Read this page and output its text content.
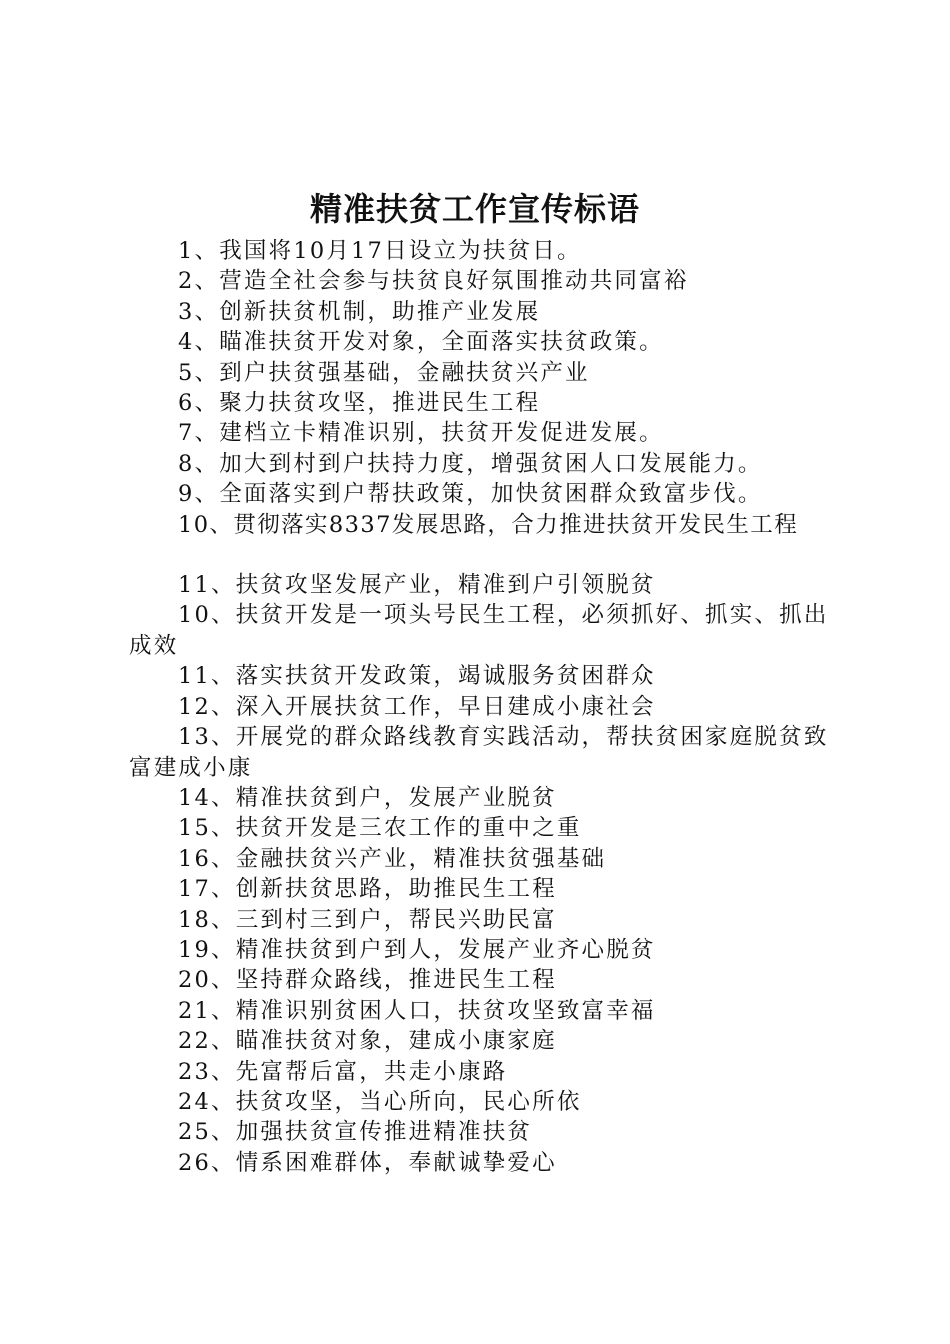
精准扶贫工作宣传标语

1、我国将10月17日设立为扶贫日。

2、营造全社会参与扶贫良好氛围推动共同富裕

3、创新扶贫机制，助推产业发展

4、瞄准扶贫开发对象，全面落实扶贫政策。

5、到户扶贫强基础，金融扶贫兴产业

6、聚力扶贫攻坚，推进民生工程

7、建档立卡精准识别，扶贫开发促进发展。

8、加大到村到户扶持力度，增强贫困人口发展能力。

9、全面落实到户帮扶政策，加快贫困群众致富步伐。

10、贯彻落实8337发展思路，合力推进扶贫开发民生工程

11、扶贫攻坚发展产业，精准到户引领脱贫

10、扶贫开发是一项头号民生工程，必须抓好、抓实、抓出成效

11、落实扶贫开发政策，竭诚服务贫困群众

12、深入开展扶贫工作，早日建成小康社会

13、开展党的群众路线教育实践活动，帮扶贫困家庭脱贫致富建成小康

14、精准扶贫到户，发展产业脱贫

15、扶贫开发是三农工作的重中之重

16、金融扶贫兴产业，精准扶贫强基础

17、创新扶贫思路，助推民生工程

18、三到村三到户，帮民兴助民富

19、精准扶贫到户到人，发展产业齐心脱贫

20、坚持群众路线，推进民生工程

21、精准识别贫困人口，扶贫攻坚致富幸福

22、瞄准扶贫对象，建成小康家庭

23、先富帮后富，共走小康路

24、扶贫攻坚，当心所向，民心所依

25、加强扶贫宣传推进精准扶贫

26、情系困难群体，奉献诚挚爱心
